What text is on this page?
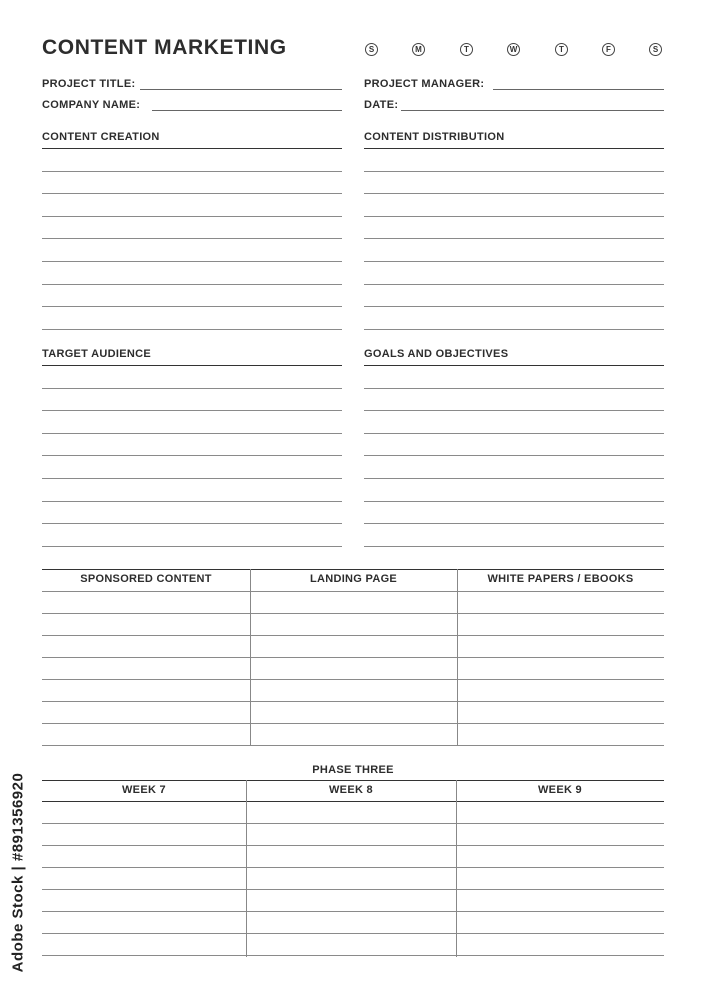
CONTENT MARKETING	S	M	T	W	T	F	S
PROJECT TITLE:
COMPANY NAME:
PROJECT MANAGER:
DATE:
CONTENT CREATION	CONTENT DISTRIBUTION
TARGET AUDIENCE	GOALS AND OBJECTIVES
SPONSORED CONTENT	LANDING PAGE	WHITE PAPERS / EBOOKS
PHASE THREE
WEEK 7	WEEK 8	WEEK 9
Adobe Stock | #891356920
